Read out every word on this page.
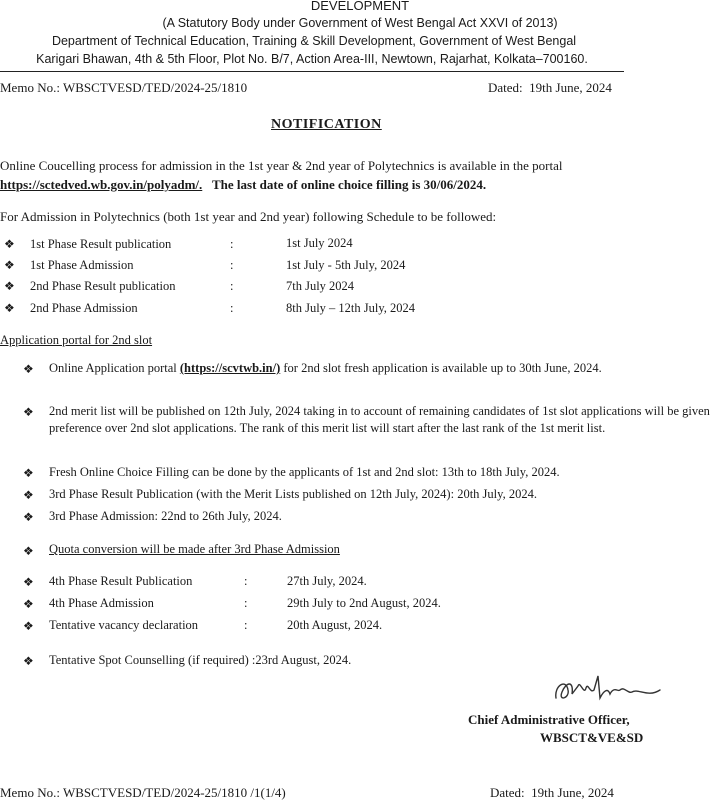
DEVELOPMENT
(A Statutory Body under Government of West Bengal Act XXVI of 2013)
Department of Technical Education, Training & Skill Development, Government of West Bengal
Karigari Bhawan, 4th & 5th Floor, Plot No. B/7, Action Area-III, Newtown, Rajarhat, Kolkata–700160.
Memo No.: WBSCTVESD/TED/2024-25/1810	Dated: 19th June, 2024
NOTIFICATION
Online Coucelling process for admission in the 1st year & 2nd year of Polytechnics is available in the portal
https://sctedved.wb.gov.in/polyadm/. The last date of online choice filling is 30/06/2024.
For Admission in Polytechnics (both 1st year and 2nd year) following Schedule to be followed:
❖ 1st Phase Result publication	:	1st July 2024
❖ 1st Phase Admission	:	1st July - 5th July, 2024
❖ 2nd Phase Result publication	:	7th July 2024
❖ 2nd Phase Admission	:	8th July – 12th July, 2024
Application portal for 2nd slot
❖ Online Application portal (https://scvtwb.in/) for 2nd slot fresh application is available up to 30th June, 2024.
❖ 2nd merit list will be published on 12th July, 2024 taking in to account of remaining candidates of 1st slot applications will be given preference over 2nd slot applications. The rank of this merit list will start after the last rank of the 1st merit list.
❖ Fresh Online Choice Filling can be done by the applicants of 1st and 2nd slot: 13th to 18th July, 2024.
❖ 3rd Phase Result Publication (with the Merit Lists published on 12th July, 2024): 20th July, 2024.
❖ 3rd Phase Admission: 22nd to 26th July, 2024.
❖ Quota conversion will be made after 3rd Phase Admission
❖ 4th Phase Result Publication	:	27th July, 2024.
❖ 4th Phase Admission	:	29th July to 2nd August, 2024.
❖ Tentative vacancy declaration	:	20th August, 2024.
❖ Tentative Spot Counselling (if required) :23rd August, 2024.
Chief Administrative Officer,
WBSCT&VE&SD
Memo No.: WBSCTVESD/TED/2024-25/1810 /1(1/4)	Dated: 19th June, 2024
